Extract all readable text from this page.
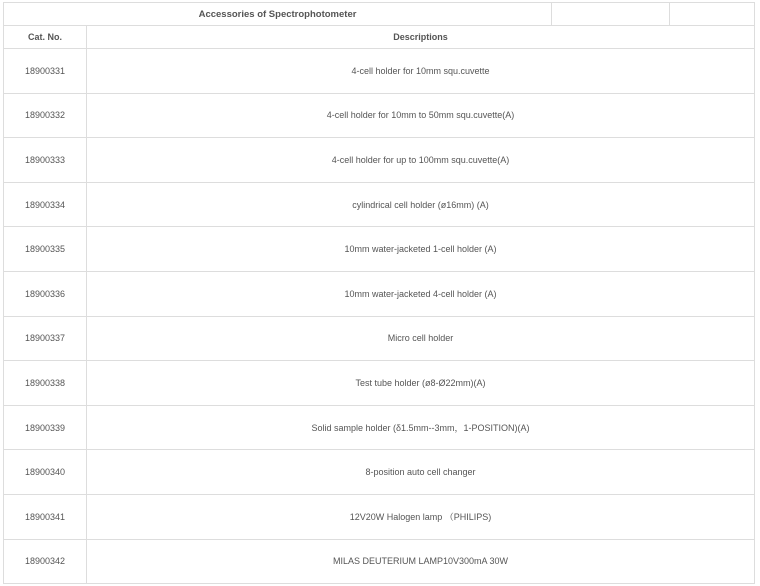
Accessories of Spectrophotometer			
Cat. No.	Descriptions		
18900331	4-cell holder for 10mm squ.cuvette		
18900332	4-cell holder for 10mm to 50mm squ.cuvette(A)		
18900333	4-cell holder for up to 100mm squ.cuvette(A)		
18900334	cylindrical cell holder (ø16mm) (A)		
18900335	10mm water-jacketed 1-cell holder (A)		
18900336	10mm water-jacketed 4-cell holder (A)		
18900337	Micro cell holder		
18900338	Test tube holder (ø8-Ø22mm)(A)		
18900339	Solid sample holder (δ1.5mm--3mm，1-POSITION)(A)		
18900340	8-position auto cell changer		
18900341	12V20W Halogen lamp （PHILIPS)		
18900342	MILAS DEUTERIUM LAMP10V300mA 30W		
